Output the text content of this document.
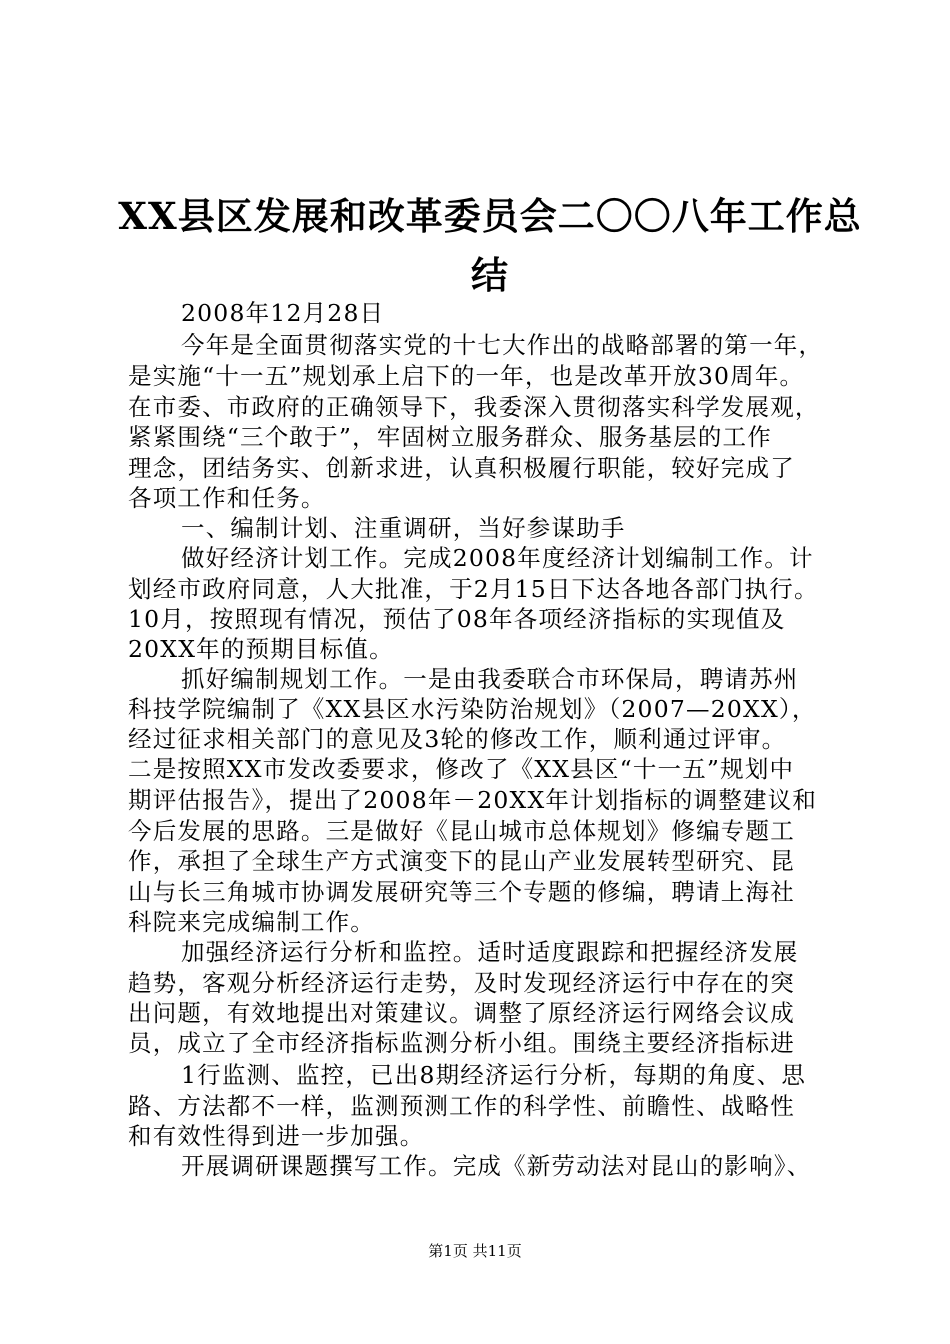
XX县区发展和改革委员会二〇〇八年工作总
结
2008年12月28日
今年是全面贯彻落实党的十七大作出的战略部署的第一年，
是实施“十一五”规划承上启下的一年，也是改革开放30周年。
在市委、市政府的正确领导下，我委深入贯彻落实科学发展观，
紧紧围绕“三个敢于”，牢固树立服务群众、服务基层的工作
理念，团结务实、创新求进，认真积极履行职能，较好完成了
各项工作和任务。
一、编制计划、注重调研，当好参谋助手
做好经济计划工作。完成2008年度经济计划编制工作。计
划经市政府同意，人大批准，于2月15日下达各地各部门执行。
10月，按照现有情况，预估了08年各项经济指标的实现值及
20XX年的预期目标值。
抓好编制规划工作。一是由我委联合市环保局，聘请苏州
科技学院编制了《XX县区水污染防治规划》（2007—20XX），
经过征求相关部门的意见及3轮的修改工作，顺利通过评审。
二是按照XX市发改委要求，修改了《XX县区“十一五”规划中
期评估报告》，提出了2008年－20XX年计划指标的调整建议和
今后发展的思路。三是做好《昆山城市总体规划》修编专题工
作，承担了全球生产方式演变下的昆山产业发展转型研究、昆
山与长三角城市协调发展研究等三个专题的修编，聘请上海社
科院来完成编制工作。
加强经济运行分析和监控。适时适度跟踪和把握经济发展
趋势，客观分析经济运行走势，及时发现经济运行中存在的突
出问题，有效地提出对策建议。调整了原经济运行网络会议成
员，成立了全市经济指标监测分析小组。围绕主要经济指标进
1行监测、监控，已出8期经济运行分析，每期的角度、思
路、方法都不一样，监测预测工作的科学性、前瞻性、战略性
和有效性得到进一步加强。
开展调研课题撰写工作。完成《新劳动法对昆山的影响》、
第1页 共11页
